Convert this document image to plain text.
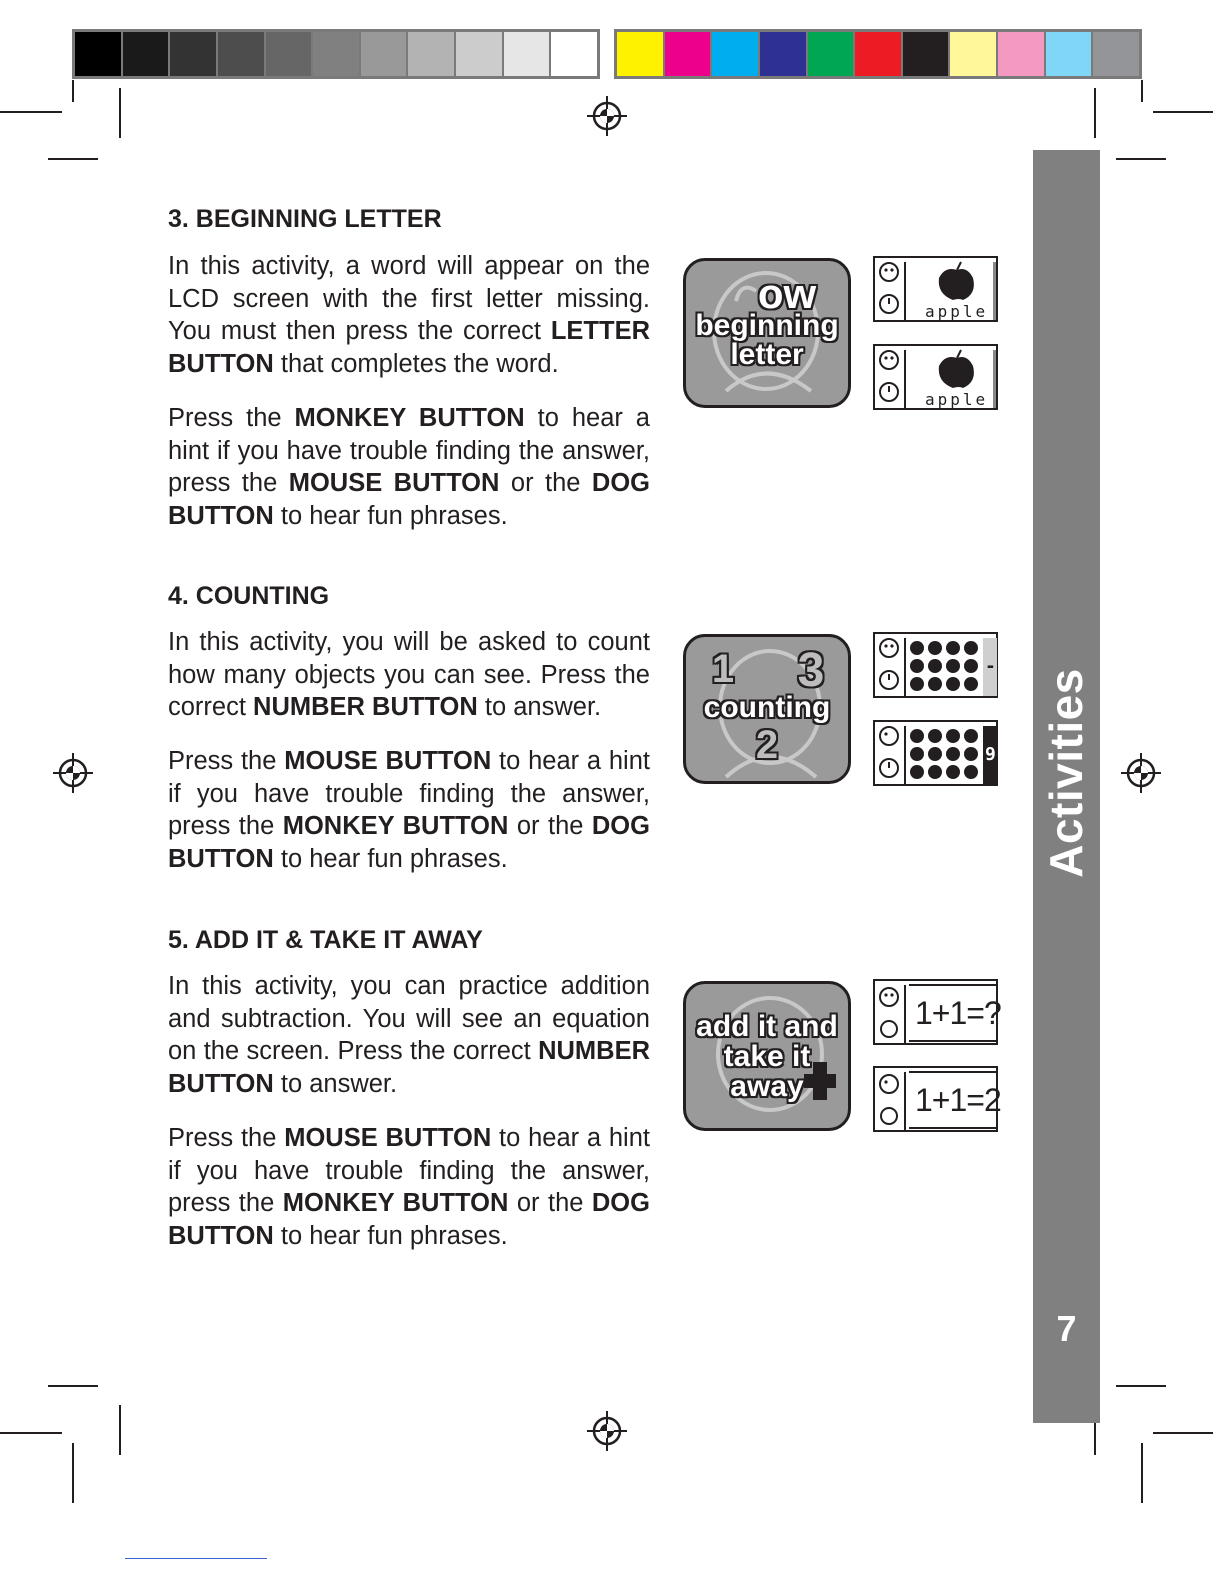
Activities
7
3. BEGINNING LETTER
In this activity, a word will appear on the LCD screen with the first letter missing. You must then press the correct LETTER BUTTON that completes the word.
Press the MONKEY BUTTON to hear a hint if you have trouble finding the answer, press the MOUSE BUTTON or the DOG BUTTON to hear fun phrases.
ow
beginning
letter
apple
apple
4. COUNTING
In this activity, you will be asked to count how many objects you can see. Press the correct NUMBER BUTTON to answer.
Press the MOUSE BUTTON to hear a hint if you have trouble finding the answer, press the MONKEY BUTTON or the DOG BUTTON to hear fun phrases.
1	3
counting
2
-
9
5. ADD IT & TAKE IT AWAY
In this activity, you can practice addition and subtraction. You will see an equation on the screen. Press the correct NUMBER BUTTON to answer.
Press the MOUSE BUTTON to hear a hint if you have trouble finding the answer, press the MONKEY BUTTON or the DOG BUTTON to hear fun phrases.
add it and
take it
away
1+1=?
1+1=2
